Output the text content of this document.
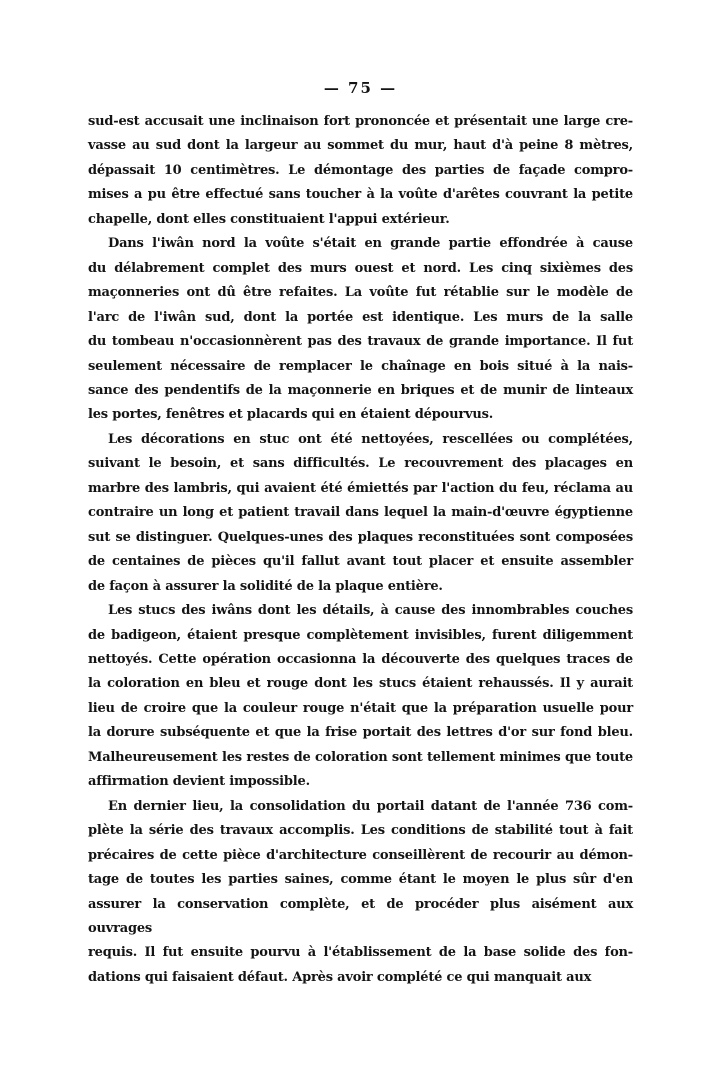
— 75 —
sud-est accusait une inclinaison fort prononcée et présentait une large cre-
vasse au sud dont la largeur au sommet du mur, haut d'à peine 8 mètres,
dépassait 10 centimètres. Le démontage des parties de façade compro-
mises a pu être effectué sans toucher à la voûte d'arêtes couvrant la petite
chapelle, dont elles constituaient l'appui extérieur.
Dans l'iwân nord la voûte s'était en grande partie effondrée à cause
du délabrement complet des murs ouest et nord. Les cinq sixièmes des
maçonneries ont dû être refaites. La voûte fut rétablie sur le modèle de
l'arc de l'iwân sud, dont la portée est identique. Les murs de la salle
du tombeau n'occasionnèrent pas des travaux de grande importance. Il fut
seulement nécessaire de remplacer le chaînage en bois situé à la nais-
sance des pendentifs de la maçonnerie en briques et de munir de linteaux
les portes, fenêtres et placards qui en étaient dépourvus.
Les décorations en stuc ont été nettoyées, rescellées ou complétées,
suivant le besoin, et sans difficultés. Le recouvrement des placages en
marbre des lambris, qui avaient été émiettés par l'action du feu, réclama au
contraire un long et patient travail dans lequel la main-d'œuvre égyptienne
sut se distinguer. Quelques-unes des plaques reconstituées sont composées
de centaines de pièces qu'il fallut avant tout placer et ensuite assembler
de façon à assurer la solidité de la plaque entière.
Les stucs des iwâns dont les détails, à cause des innombrables couches
de badigeon, étaient presque complètement invisibles, furent diligemment
nettoyés. Cette opération occasionna la découverte des quelques traces de
la coloration en bleu et rouge dont les stucs étaient rehaussés. Il y aurait
lieu de croire que la couleur rouge n'était que la préparation usuelle pour
la dorure subséquente et que la frise portait des lettres d'or sur fond bleu.
Malheureusement les restes de coloration sont tellement minimes que toute
affirmation devient impossible.
En dernier lieu, la consolidation du portail datant de l'année 736 com-
plète la série des travaux accomplis. Les conditions de stabilité tout à fait
précaires de cette pièce d'architecture conseillèrent de recourir au démon-
tage de toutes les parties saines, comme étant le moyen le plus sûr d'en
assurer la conservation complète, et de procéder plus aisément aux ouvrages
requis. Il fut ensuite pourvu à l'établissement de la base solide des fon-
dations qui faisaient défaut. Après avoir complété ce qui manquait aux
